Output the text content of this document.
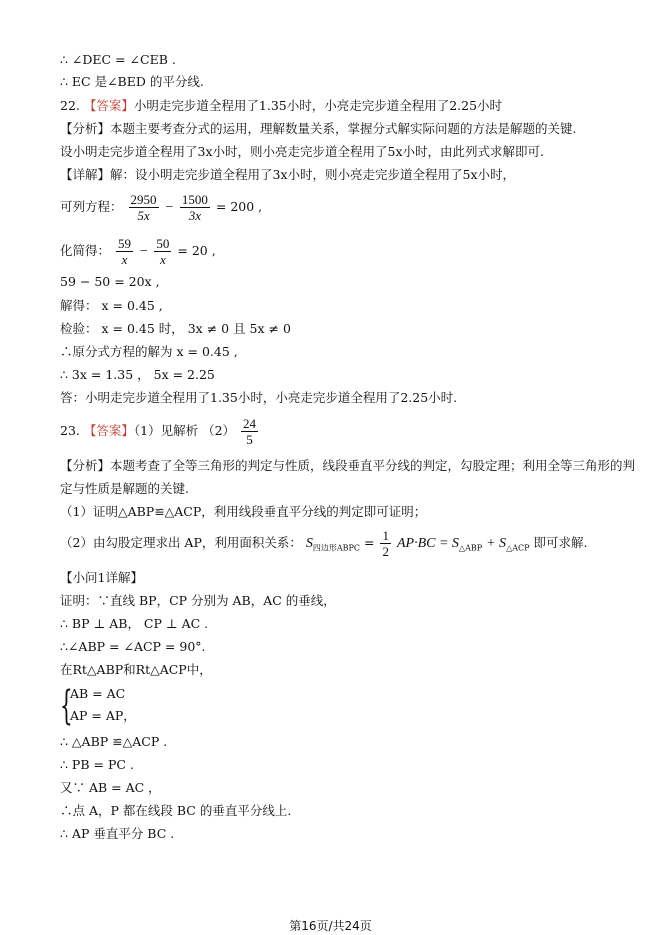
∴ ∠DEC = ∠CEB .
∴ EC 是∠BED 的平分线.
22. 【答案】小明走完步道全程用了1.35小时，小亮走完步道全程用了2.25小时
【分析】本题主要考查分式的运用，理解数量关系，掌握分式解实际问题的方法是解题的关键.
设小明走完步道全程用了3x小时，则小亮走完步道全程用了5x小时，由此列式求解即可.
【详解】解：设小明走完步道全程用了3x小时，则小亮走完步道全程用了5x小时，
可列方程： $\frac{2950}{5x} - \frac{1500}{3x} = 200$ ,
化简得： $\frac{59}{x} - \frac{50}{x} = 20$ ,
59 − 50 = 20x ,
解得： x = 0.45 ,
检验： x = 0.45 时， 3x ≠ 0 且 5x ≠ 0
∴原分式方程的解为 x = 0.45 ,
∴ 3x = 1.35 ， 5x = 2.25
答：小明走完步道全程用了1.35小时，小亮走完步道全程用了2.25小时.
23. 【答案】（1）见解析 $(2) \frac{24}{5}$
【分析】本题考查了全等三角形的判定与性质，线段垂直平分线的判定，勾股定理；利用全等三角形的判
定与性质是解题的关键.
（1）证明△ABP≌△ACP，利用线段垂直平分线的判定即可证明；
（2）由勾股定理求出 AP，利用面积关系： $S_{四边形ABPC} = \frac{1}{2} AP\cdot BC = S_{\triangle ABP} + S_{\triangle ACP}$ 即可求解.
【小问1详解】
证明：∵直线 BP，CP 分别为 AB，AC 的垂线，
∴ BP ⊥ AB， CP ⊥ AC .
∴∠ABP = ∠ACP = 90°.
在Rt△ABP和Rt△ACP中，
{
AB = AC
AP = AP，
∴ △ABP ≌△ACP .
∴ PB = PC .
又∵ AB = AC ，
∴点 A，P 都在线段 BC 的垂直平分线上.
∴ AP 垂直平分 BC .
第16页/共24页
